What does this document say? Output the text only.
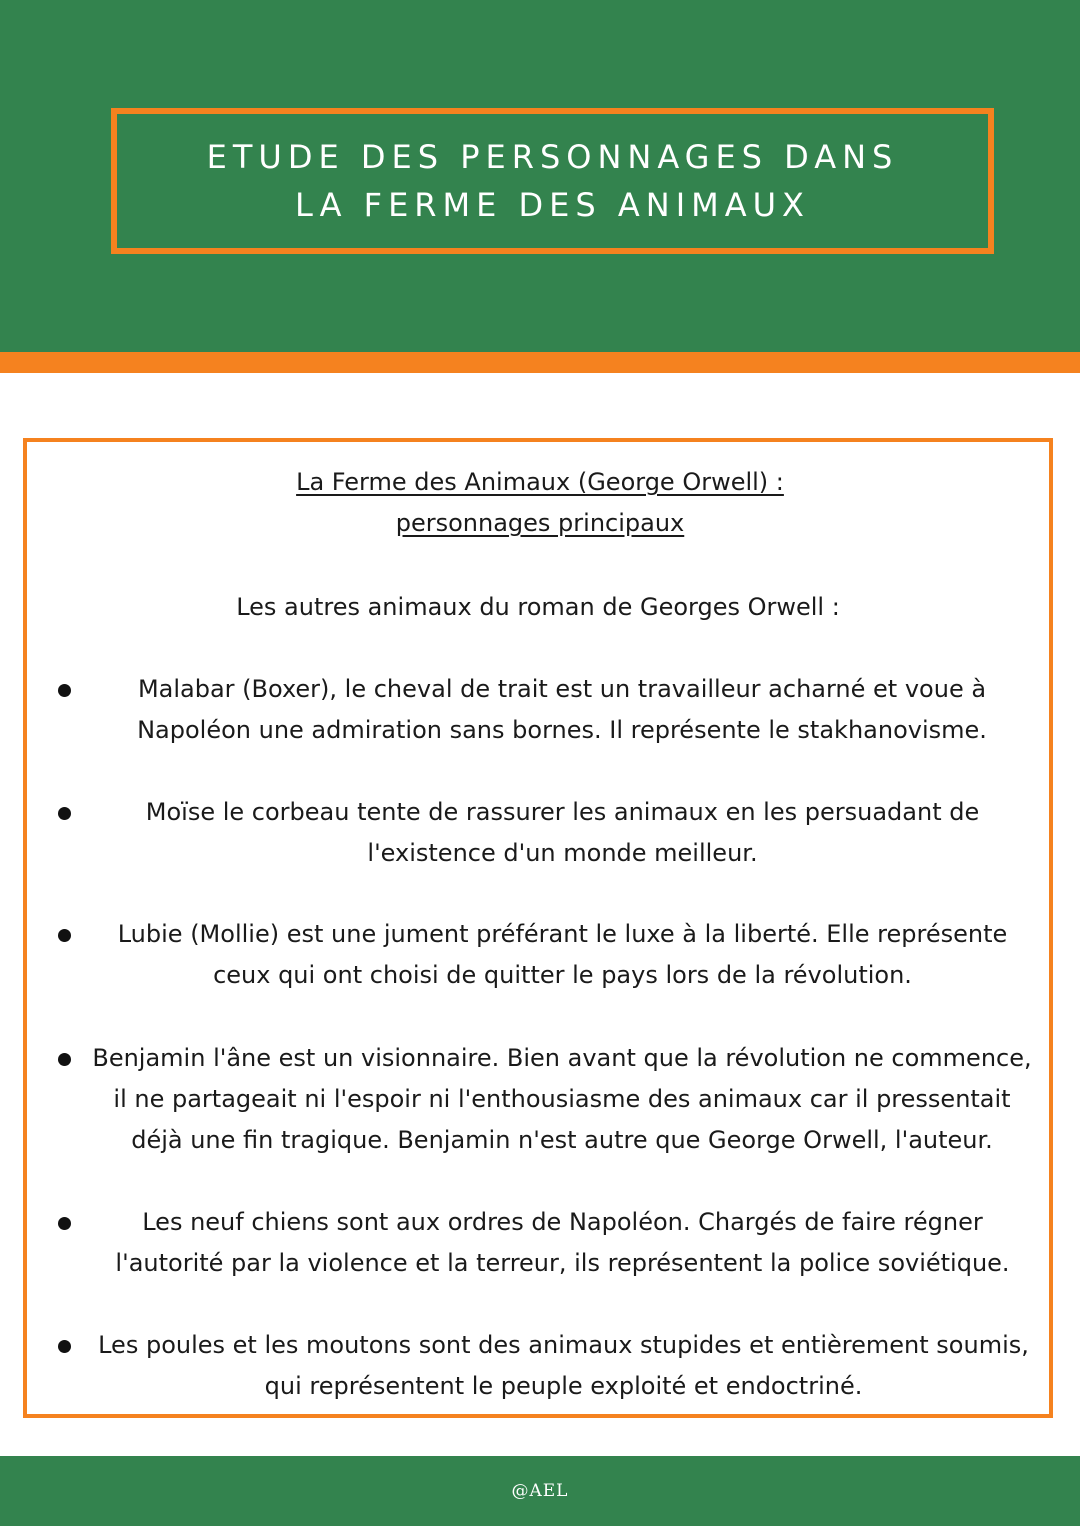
ETUDE DES PERSONNAGES DANS LA FERME DES ANIMAUX
La Ferme des Animaux (George Orwell) :
personnages principaux
Les autres animaux du roman de Georges Orwell :
Malabar (Boxer), le cheval de trait est un travailleur acharné et voue à Napoléon une admiration sans bornes. Il représente le stakhanovisme.
Moïse le corbeau tente de rassurer les animaux en les persuadant de l'existence d'un monde meilleur.
Lubie (Mollie) est une jument préférant le luxe à la liberté. Elle représente ceux qui ont choisi de quitter le pays lors de la révolution.
Benjamin l'âne est un visionnaire. Bien avant que la révolution ne commence, il ne partageait ni l'espoir ni l'enthousiasme des animaux car il pressentait déjà une fin tragique. Benjamin n'est autre que George Orwell, l'auteur.
Les neuf chiens sont aux ordres de Napoléon. Chargés de faire régner l'autorité par la violence et la terreur, ils représentent la police soviétique.
Les poules et les moutons sont des animaux stupides et entièrement soumis, qui représentent le peuple exploité et endoctriné.
@AEL
